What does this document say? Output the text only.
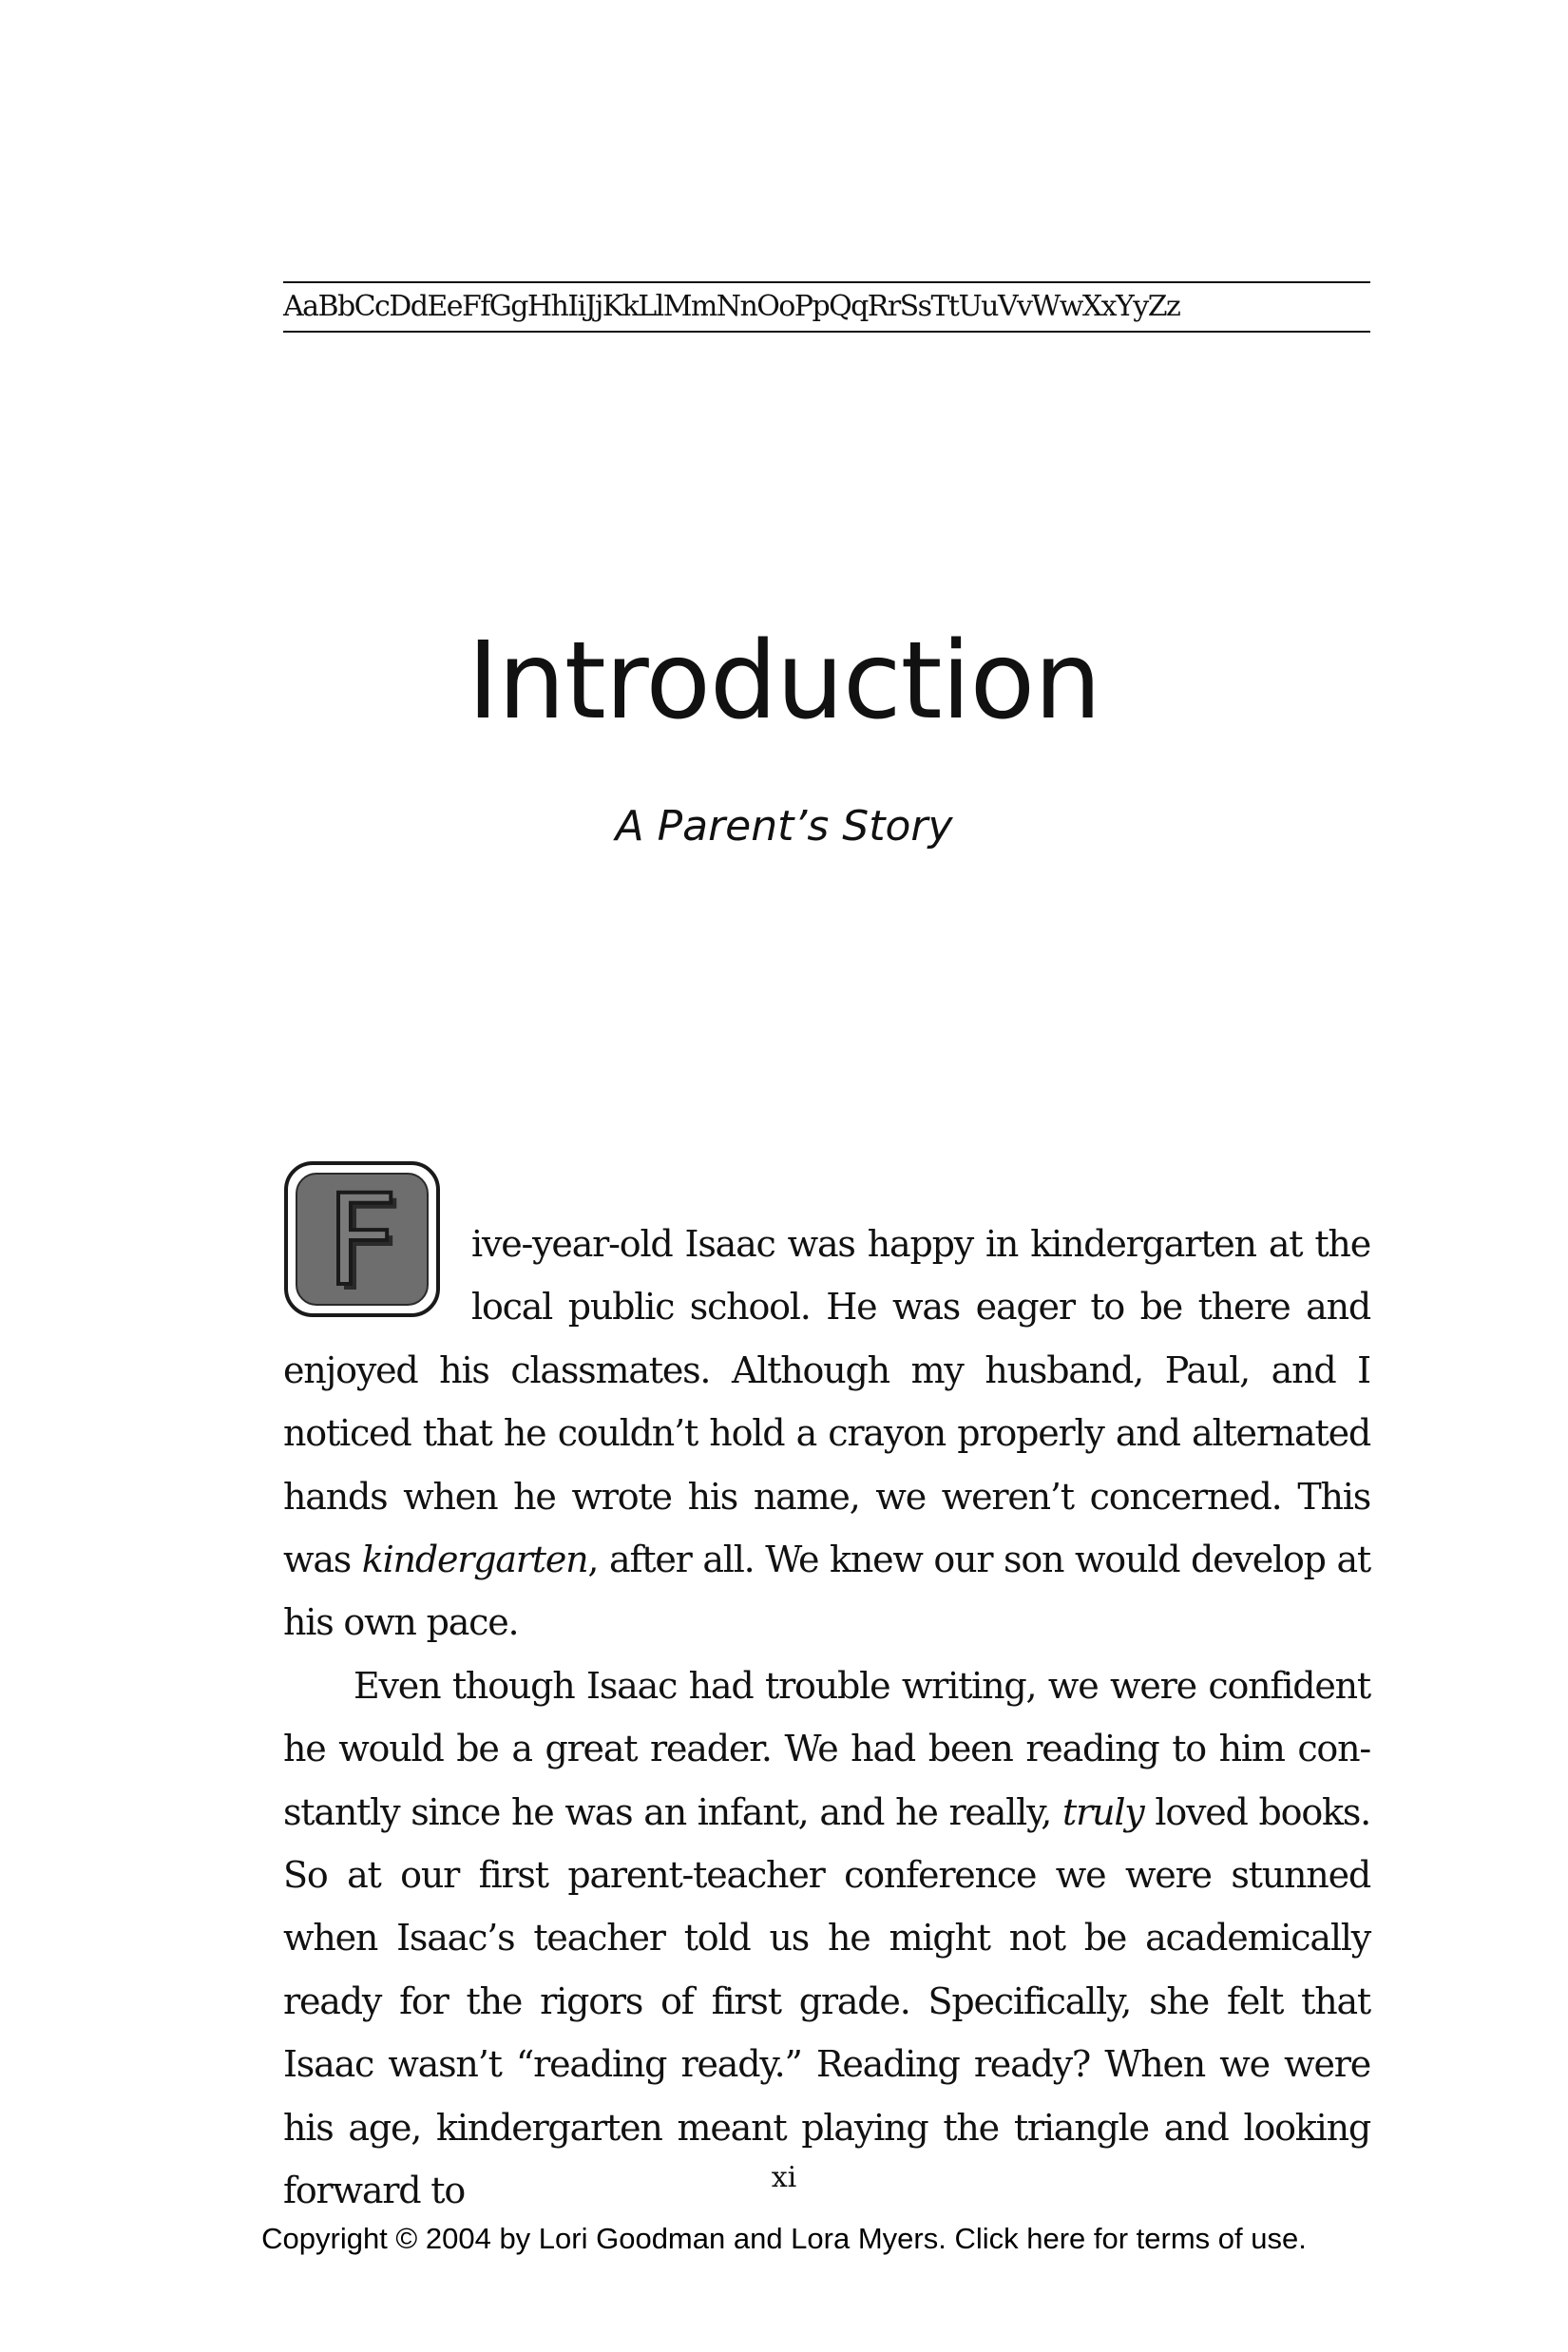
AaBbCcDdEeFfGgHhIiJjKkLlMmNnOoPpQqRrSsTtUuVvWwXxYyZz
Introduction
A Parent’s Story
F	ive-year-old Isaac was happy in kindergarten at the local public school. He was eager to be there and enjoyed his classmates. Although my husband, Paul, and I noticed that he couldn’t hold a crayon properly and alternated hands when he wrote his name, we weren’t concerned. This was kindergarten, after all. We knew our son would develop at his own pace.

Even though Isaac had trouble writing, we were confident he would be a great reader. We had been reading to him con-stantly since he was an infant, and he really, truly loved books. So at our first parent-teacher conference we were stunned when Isaac’s teacher told us he might not be academically ready for the rigors of first grade. Specifically, she felt that Isaac wasn’t “reading ready.” Reading ready? When we were his age, kindergarten meant playing the triangle and looking forward to	xi
Copyright © 2004 by Lori Goodman and Lora Myers. Click here for terms of use.
